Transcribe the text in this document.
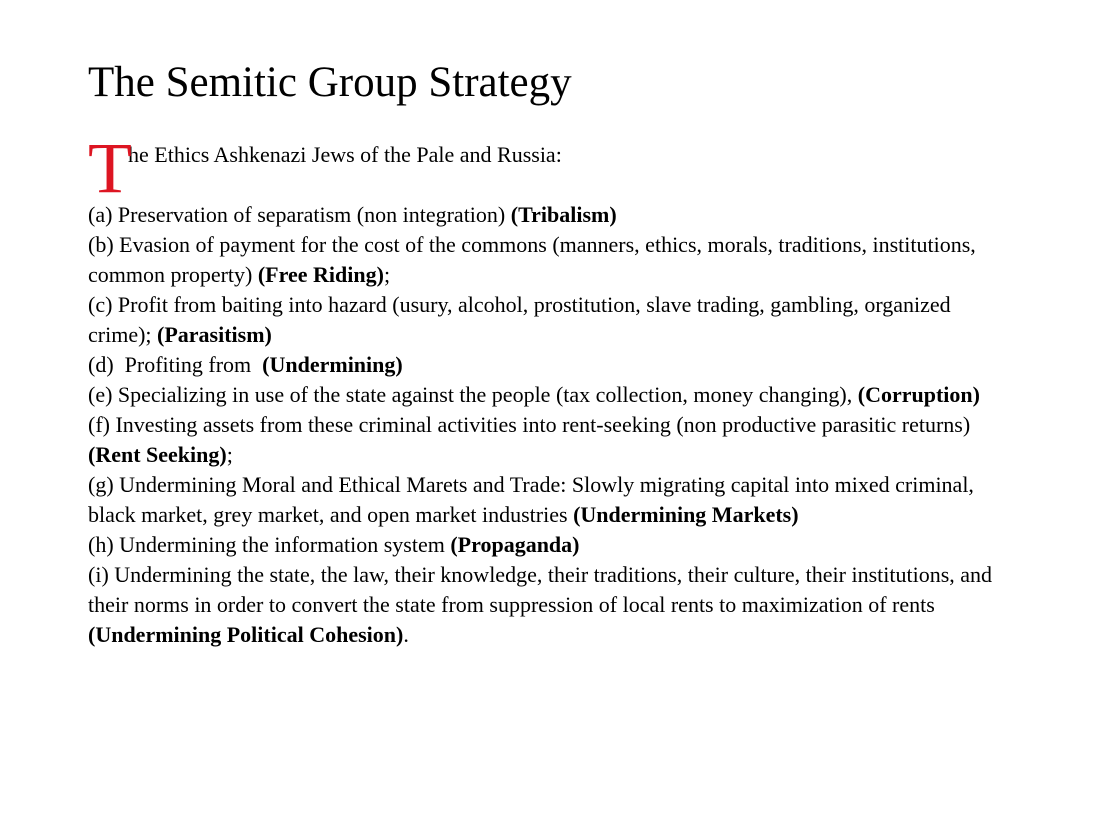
The Semitic Group Strategy

T
he Ethics Ashkenazi Jews of the Pale and Russia:

(a) Preservation of separatism (non integration) (Tribalism)

(b) Evasion of payment for the cost of the commons (manners, ethics, morals, traditions, institutions, common property) (Free Riding);

(c) Profit from baiting into hazard (usury, alcohol, prostitution, slave trading, gambling, organized crime); (Parasitism)

(d)  Profiting from  (Undermining)

(e) Specializing in use of the state against the people (tax collection, money changing), (Corruption)

(f) Investing assets from these criminal activities into rent-seeking (non productive parasitic returns) (Rent Seeking);

(g) Undermining Moral and Ethical Marets and Trade: Slowly migrating capital into mixed criminal, black market, grey market, and open market industries (Undermining Markets)

(h) Undermining the information system (Propaganda)

(i) Undermining the state, the law, their knowledge, their traditions, their culture, their institutions, and their norms in order to convert the state from suppression of local rents to maximization of rents (Undermining Political Cohesion).
